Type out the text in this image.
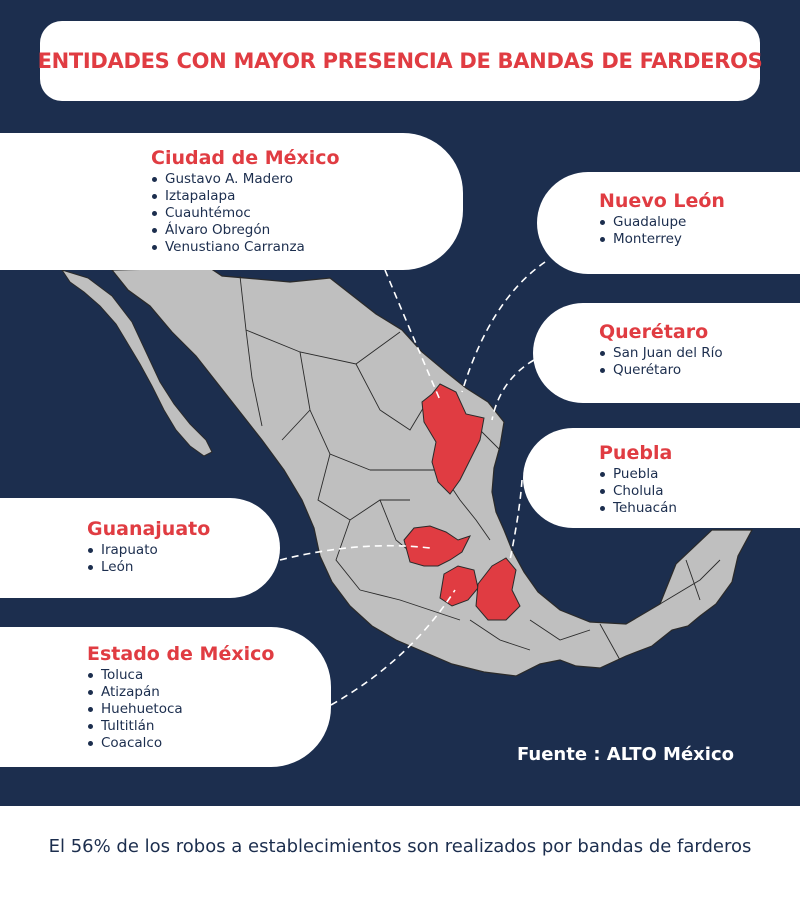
ENTIDADES CON MAYOR PRESENCIA DE BANDAS DE FARDEROS
Ciudad de México
Gustavo A. Madero
Iztapalapa
Cuauhtémoc
Álvaro Obregón
Venustiano Carranza
Nuevo León
Guadalupe
Monterrey
Querétaro
San Juan del Río
Querétaro
Puebla
Puebla
Cholula
Tehuacán
Guanajuato
Irapuato
León
Estado de México
Toluca
Atizapán
Huehuetoca
Tultitlán
Coacalco
Fuente : ALTO México
El 56% de los robos a establecimientos son realizados por bandas de farderos
